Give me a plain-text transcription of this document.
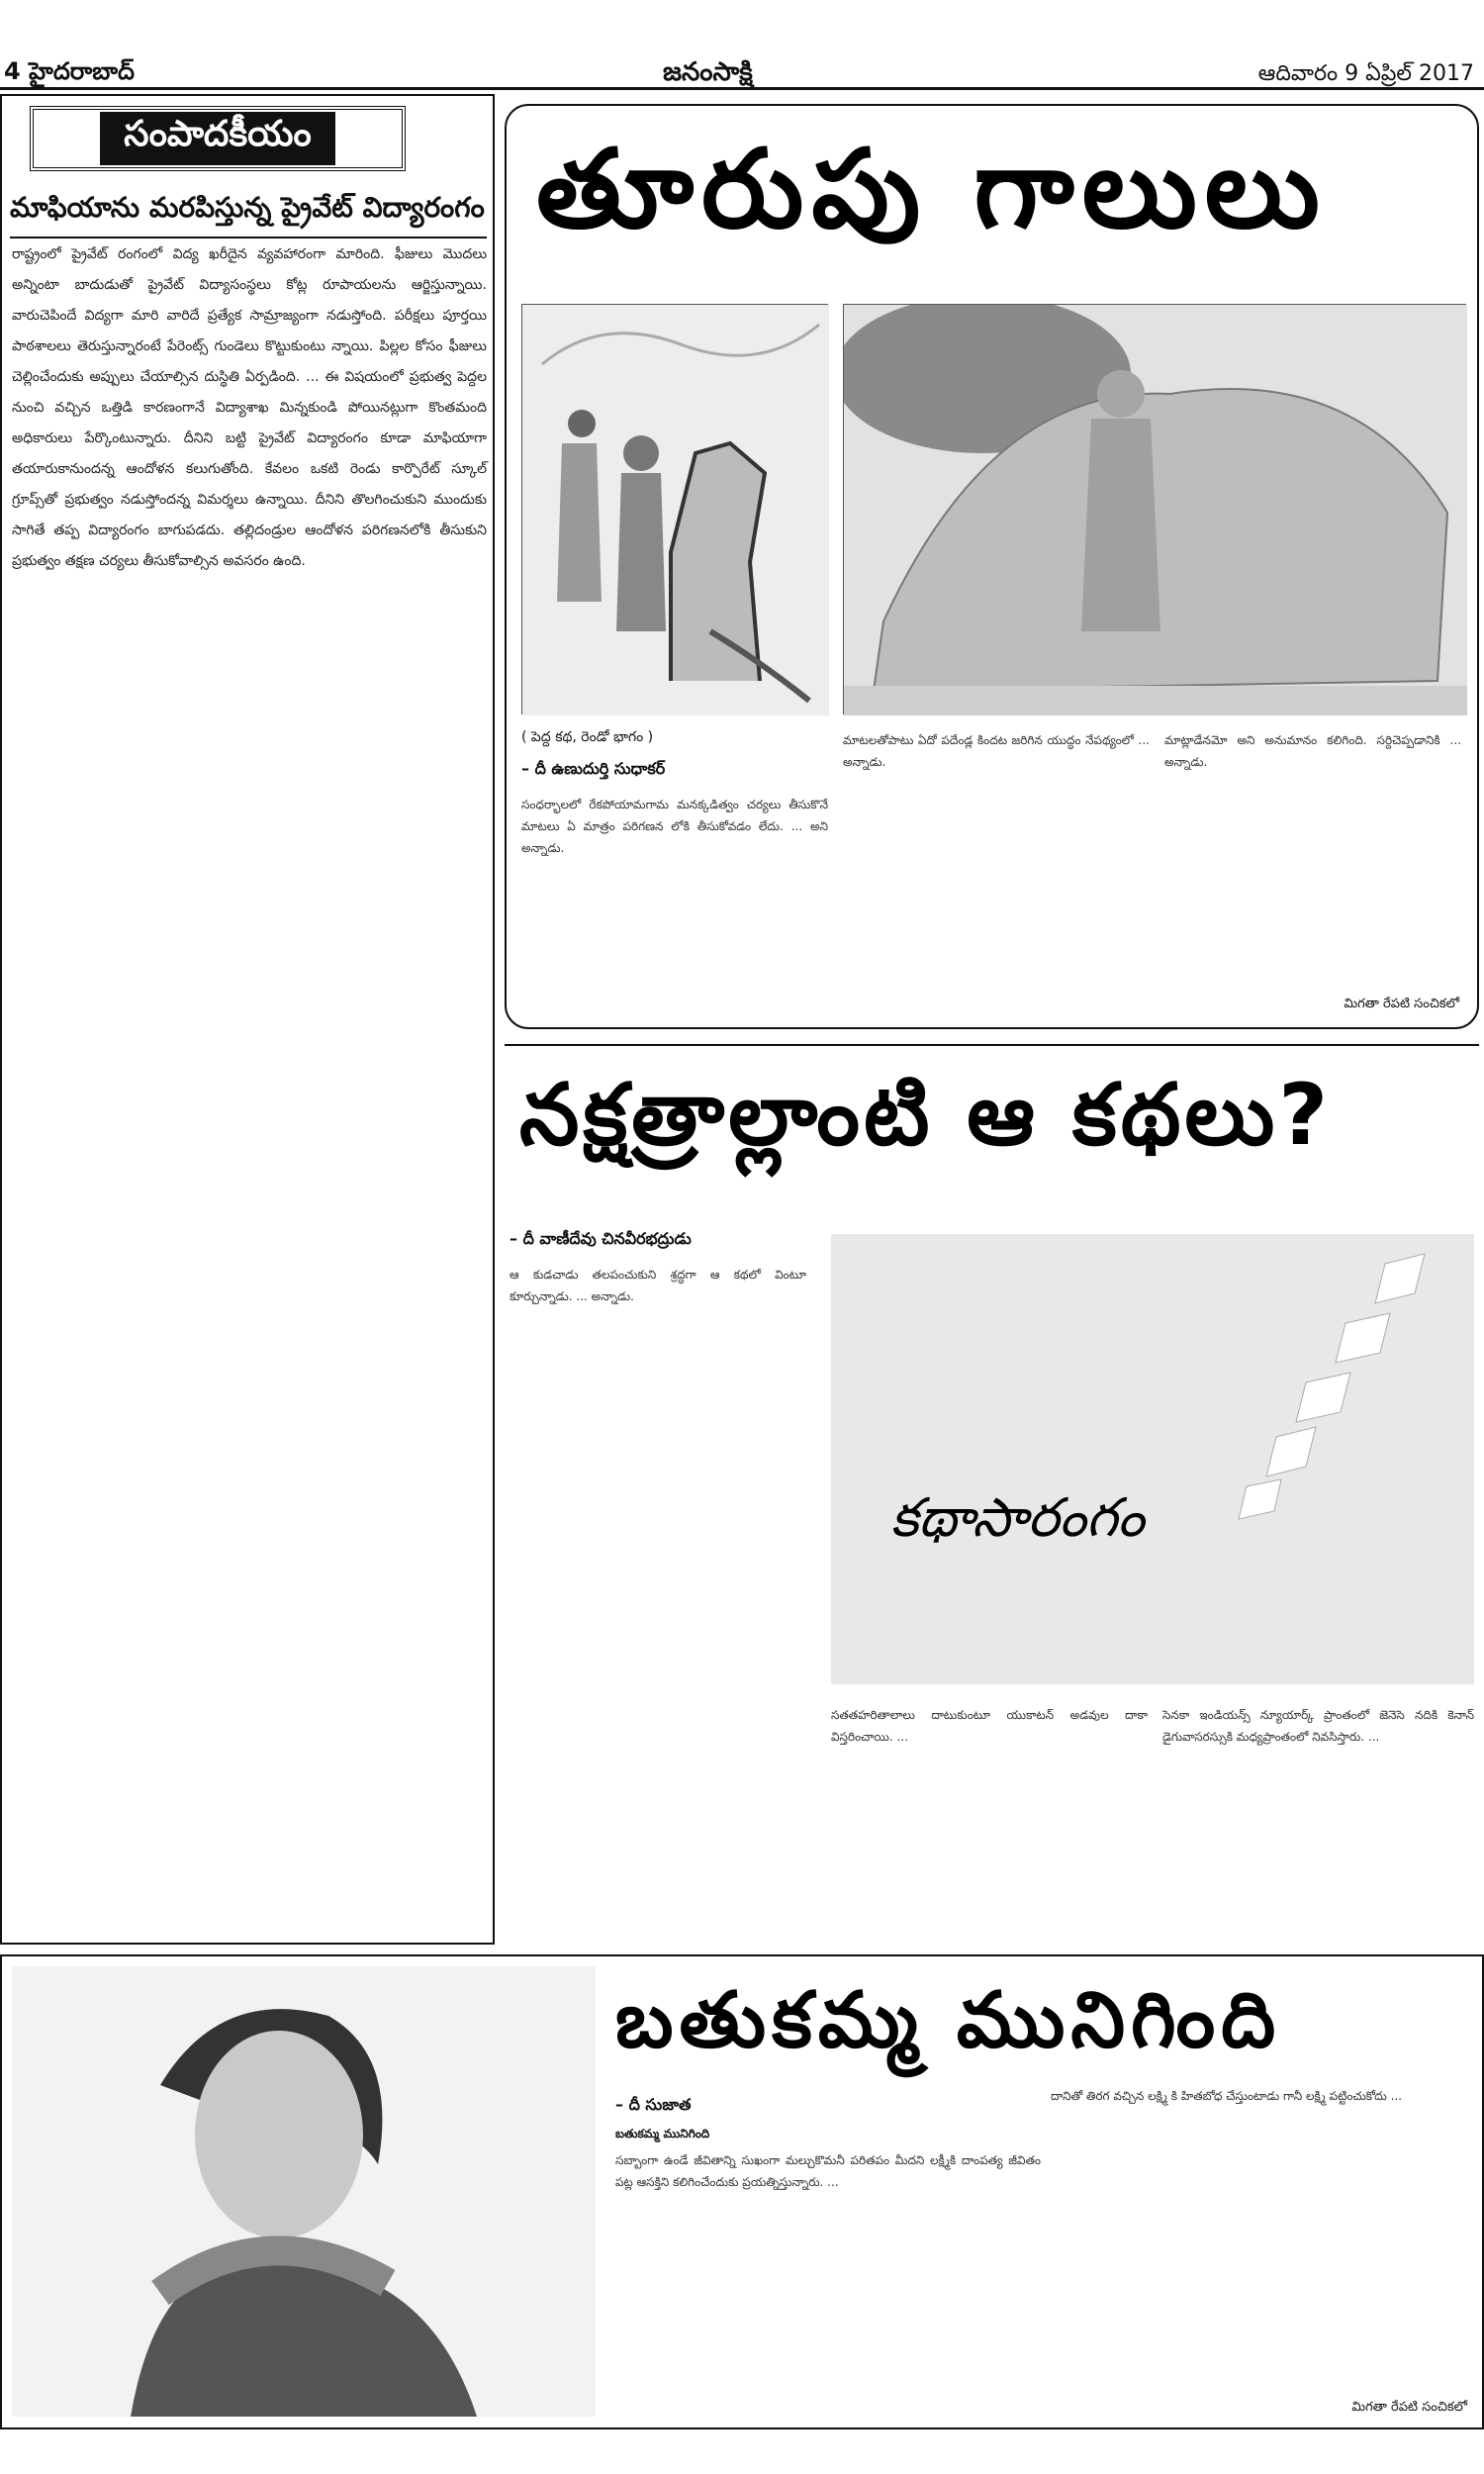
4 హైదరాబాద్	జనంసాక్షి	ఆదివారం 9 ఏప్రిల్ 2017
సంపాదకీయం
మాఫియాను మరపిస్తున్న ప్రైవేట్‌ విద్యారంగం
రాష్ట్రంలో ప్రైవేట్‌ రంగంలో విద్య ఖరీదైన వ్యవహారంగా మారింది. ఫీజులు మొదలు అన్నింటా బాదుడుతో ప్రైవేట్‌ విద్యాసంస్థలు కోట్ల రూపాయలను ఆర్జిస్తున్నాయి. వారుచెపిందే విద్యగా మారి వారిదే ప్రత్యేక సామ్రాజ్యంగా నడుస్తోంది. పరీక్షలు పూర్తయి పాఠశాలలు తెరుస్తున్నారంటే పేరెంట్స్‌ గుండెలు కొట్టుకుంటు న్నాయి. పిల్లల కోసం ఫీజులు చెల్లించేందుకు అప్పులు చేయాల్సిన దుస్థితి ఏర్పడింది. ... ఈ విషయంలో ప్రభుత్వ పెద్దల నుంచి వచ్చిన ఒత్తిడి కారణంగానే విద్యాశాఖ మిన్నకుండి పోయినట్లుగా కొంతమంది అధికారులు పేర్కొంటున్నారు. దీనిని బట్టి ప్రైవేట్‌ విద్యారంగం కూడా మాఫియాగా తయారుకానుందన్న ఆందోళన కలుగుతోంది. కేవలం ఒకటి రెండు కార్పొరేట్‌ స్కూల్‌ గ్రూప్స్‌తో ప్రభుత్వం నడుస్తోందన్న విమర్శలు ఉన్నాయి. దీనిని తొలగించుకుని ముందుకు సాగితే తప్ప విద్యారంగం బాగుపడదు. తల్లిదండ్రుల ఆందోళన పరిగణనలోకి తీసుకుని ప్రభుత్వం తక్షణ చర్యలు తీసుకోవాల్సిన అవసరం ఉంది.
తూరుపు గాలులు
( పెద్ద కథ, రెండో భాగం )
– దీ ఉణుదుర్తి సుధాకర్‌
సంధర్భాలలో రేకపోయామగామ మనక్కడిత్వం చర్యలు తీసుకొనే మాటలు ఏ మాత్రం పరిగణన లోకి తీసుకోవడం లేదు. ... అని అన్నాడు.
మాటలతోపాటు ఏదో పదేండ్ల కిందట జరిగిన యుద్ధం నేపథ్యంలో ... అన్నాడు.
మాట్లాడేనమో అని అనుమానం కలిగింది. సర్దిచెప్పడానికి ... అన్నాడు.
మిగతా రేపటి సంచికలో
నక్షత్రాల్లాంటి ఆ కథలు?
– దీ వాణీదేవు చినవీరభద్రుడు
ఆ కుడచాడు తలపంచుకుని శ్రద్ధగా ఆ కథలో వింటూ కూర్చున్నాడు. ... అన్నాడు.
కథాసారంగం
సతతహరితాలాలు దాటుకుంటూ యుకాటన్‌ అడవుల దాకా విస్తరించాయి. ...
సెనకా ఇండియన్స్‌ న్యూయార్క్‌ ప్రాంతంలో జెనెసె నదికి కెనాన్‌ డైగువాసరస్సుకి మధ్యప్రాంతంలో నివసిస్తారు. ...
బతుకమ్మ మునిగింది
– దీ సుజాత
బతుకమ్మ మునిగింది
సబ్బాంగా ఉండే జీవితాన్ని సుఖంగా మల్చుకొమనీ పరితపం మీదని లక్ష్మీకి దాంపత్య జీవితం పట్ల ఆసక్తిని కలిగించేందుకు ప్రయత్నిస్తున్నారు. ...
దానితో తిరగ వచ్చిన లక్ష్మి కి హితబోధ చేస్తుంటాడు గానీ లక్ష్మి పట్టించుకోదు ...
మిగతా రేపటి సంచికలో
